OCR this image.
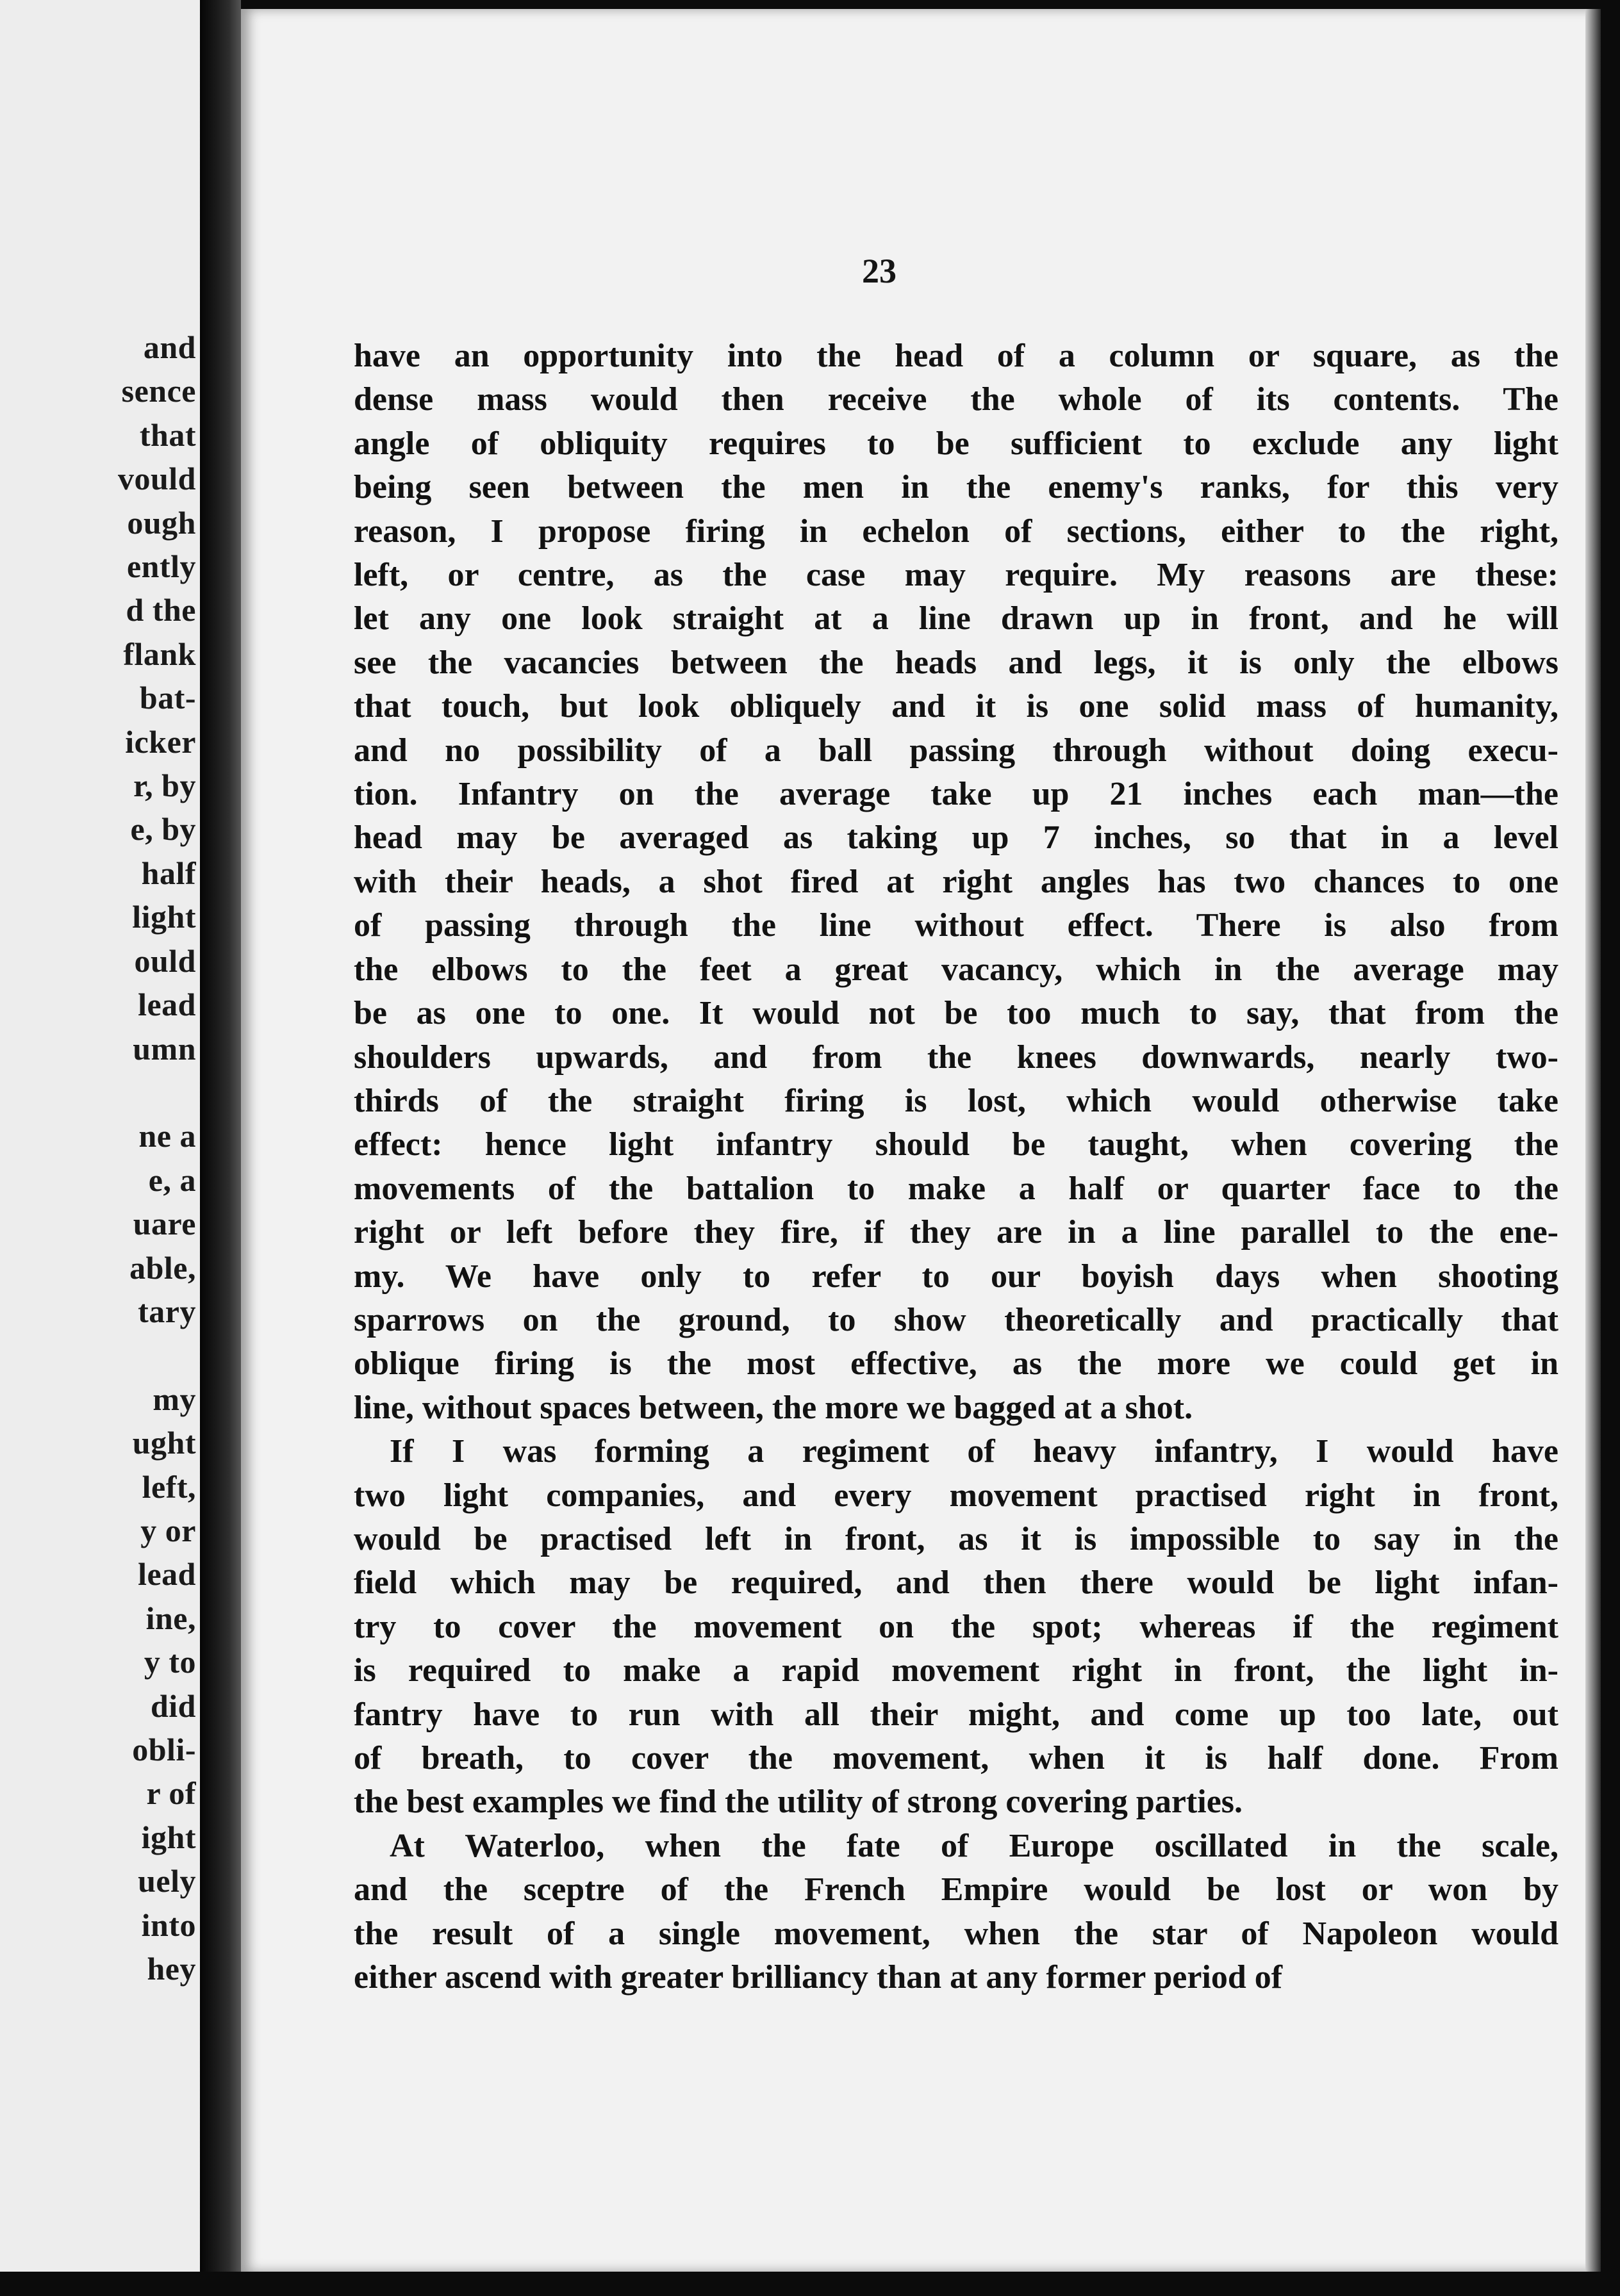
and
sence
that
vould
ough
ently
d the
flank
bat-
icker
r, by
e, by
half
light
ould
lead
umn

ne a
e, a
uare
able,
tary

my
ught
left,
y or
lead
ine,
y to
did
obli-
r of
ight
uely
into
hey
23
have an opportunity into the head of a column or square, as the
dense mass would then receive the whole of its contents. The
angle of obliquity requires to be sufficient to exclude any light
being seen between the men in the enemy's ranks, for this very
reason, I propose firing in echelon of sections, either to the right,
left, or centre, as the case may require. My reasons are these:
let any one look straight at a line drawn up in front, and he will
see the vacancies between the heads and legs, it is only the elbows
that touch, but look obliquely and it is one solid mass of humanity,
and no possibility of a ball passing through without doing execu-
tion. Infantry on the average take up 21 inches each man—the
head may be averaged as taking up 7 inches, so that in a level
with their heads, a shot fired at right angles has two chances to one
of passing through the line without effect. There is also from
the elbows to the feet a great vacancy, which in the average may
be as one to one. It would not be too much to say, that from the
shoulders upwards, and from the knees downwards, nearly two-
thirds of the straight firing is lost, which would otherwise take
effect: hence light infantry should be taught, when covering the
movements of the battalion to make a half or quarter face to the
right or left before they fire, if they are in a line parallel to the ene-
my. We have only to refer to our boyish days when shooting
sparrows on the ground, to show theoretically and practically that
oblique firing is the most effective, as the more we could get in
line, without spaces between, the more we bagged at a shot.
If I was forming a regiment of heavy infantry, I would have
two light companies, and every movement practised right in front,
would be practised left in front, as it is impossible to say in the
field which may be required, and then there would be light infan-
try to cover the movement on the spot; whereas if the regiment
is required to make a rapid movement right in front, the light in-
fantry have to run with all their might, and come up too late, out
of breath, to cover the movement, when it is half done. From
the best examples we find the utility of strong covering parties.
At Waterloo, when the fate of Europe oscillated in the scale,
and the sceptre of the French Empire would be lost or won by
the result of a single movement, when the star of Napoleon would
either ascend with greater brilliancy than at any former period of
